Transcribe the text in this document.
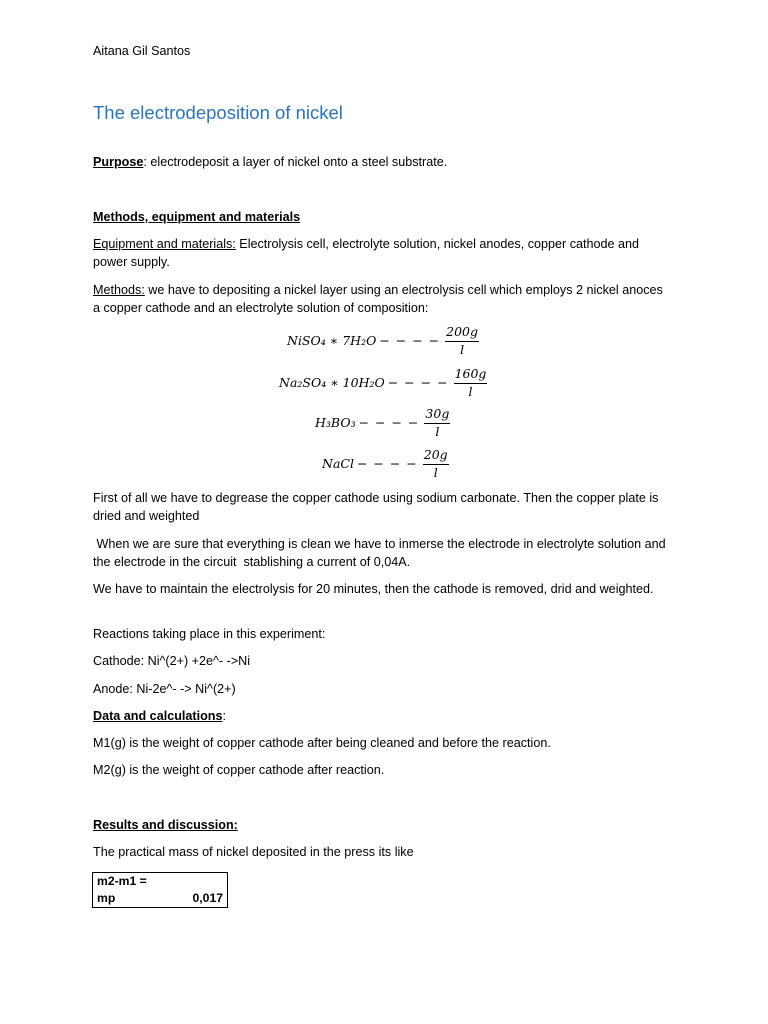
Aitana Gil Santos
The electrodeposition of nickel
Purpose: electrodeposit a layer of nickel onto a steel substrate.
Methods, equipment and materials
Equipment and materials: Electrolysis cell, electrolyte solution, nickel anodes, copper cathode and power supply.
Methods: we have to depositing a nickel layer using an electrolysis cell which employs 2 nickel anoces a copper cathode and an electrolyte solution of composition:
NiSO₄ ∗ 7H₂O − − − − $\frac{200g}{l}$
Na₂SO₄ ∗ 10H₂O − − − − $\frac{160g}{l}$
H₃BO₃ − − − − $\frac{30g}{l}$
NaCl − − − − $\frac{20g}{l}$
First of all we have to degrease the copper cathode using sodium carbonate. Then the copper plate is dried and weighted
When we are sure that everything is clean we have to inmerse the electrode in electrolyte solution and the electrode in the circuit  stablishing a current of 0,04A.
We have to maintain the electrolysis for 20 minutes, then the cathode is removed, drid and weighted.
Reactions taking place in this experiment:
Cathode: Ni^(2+) +2e^- ->Ni
Anode: Ni-2e^- -> Ni^(2+)
Data and calculations:
M1(g) is the weight of copper cathode after being cleaned and before the reaction.
M2(g) is the weight of copper cathode after reaction.
Results and discussion:
The practical mass of nickel deposited in the press its like
m2-m1 =	
mp	0,017
